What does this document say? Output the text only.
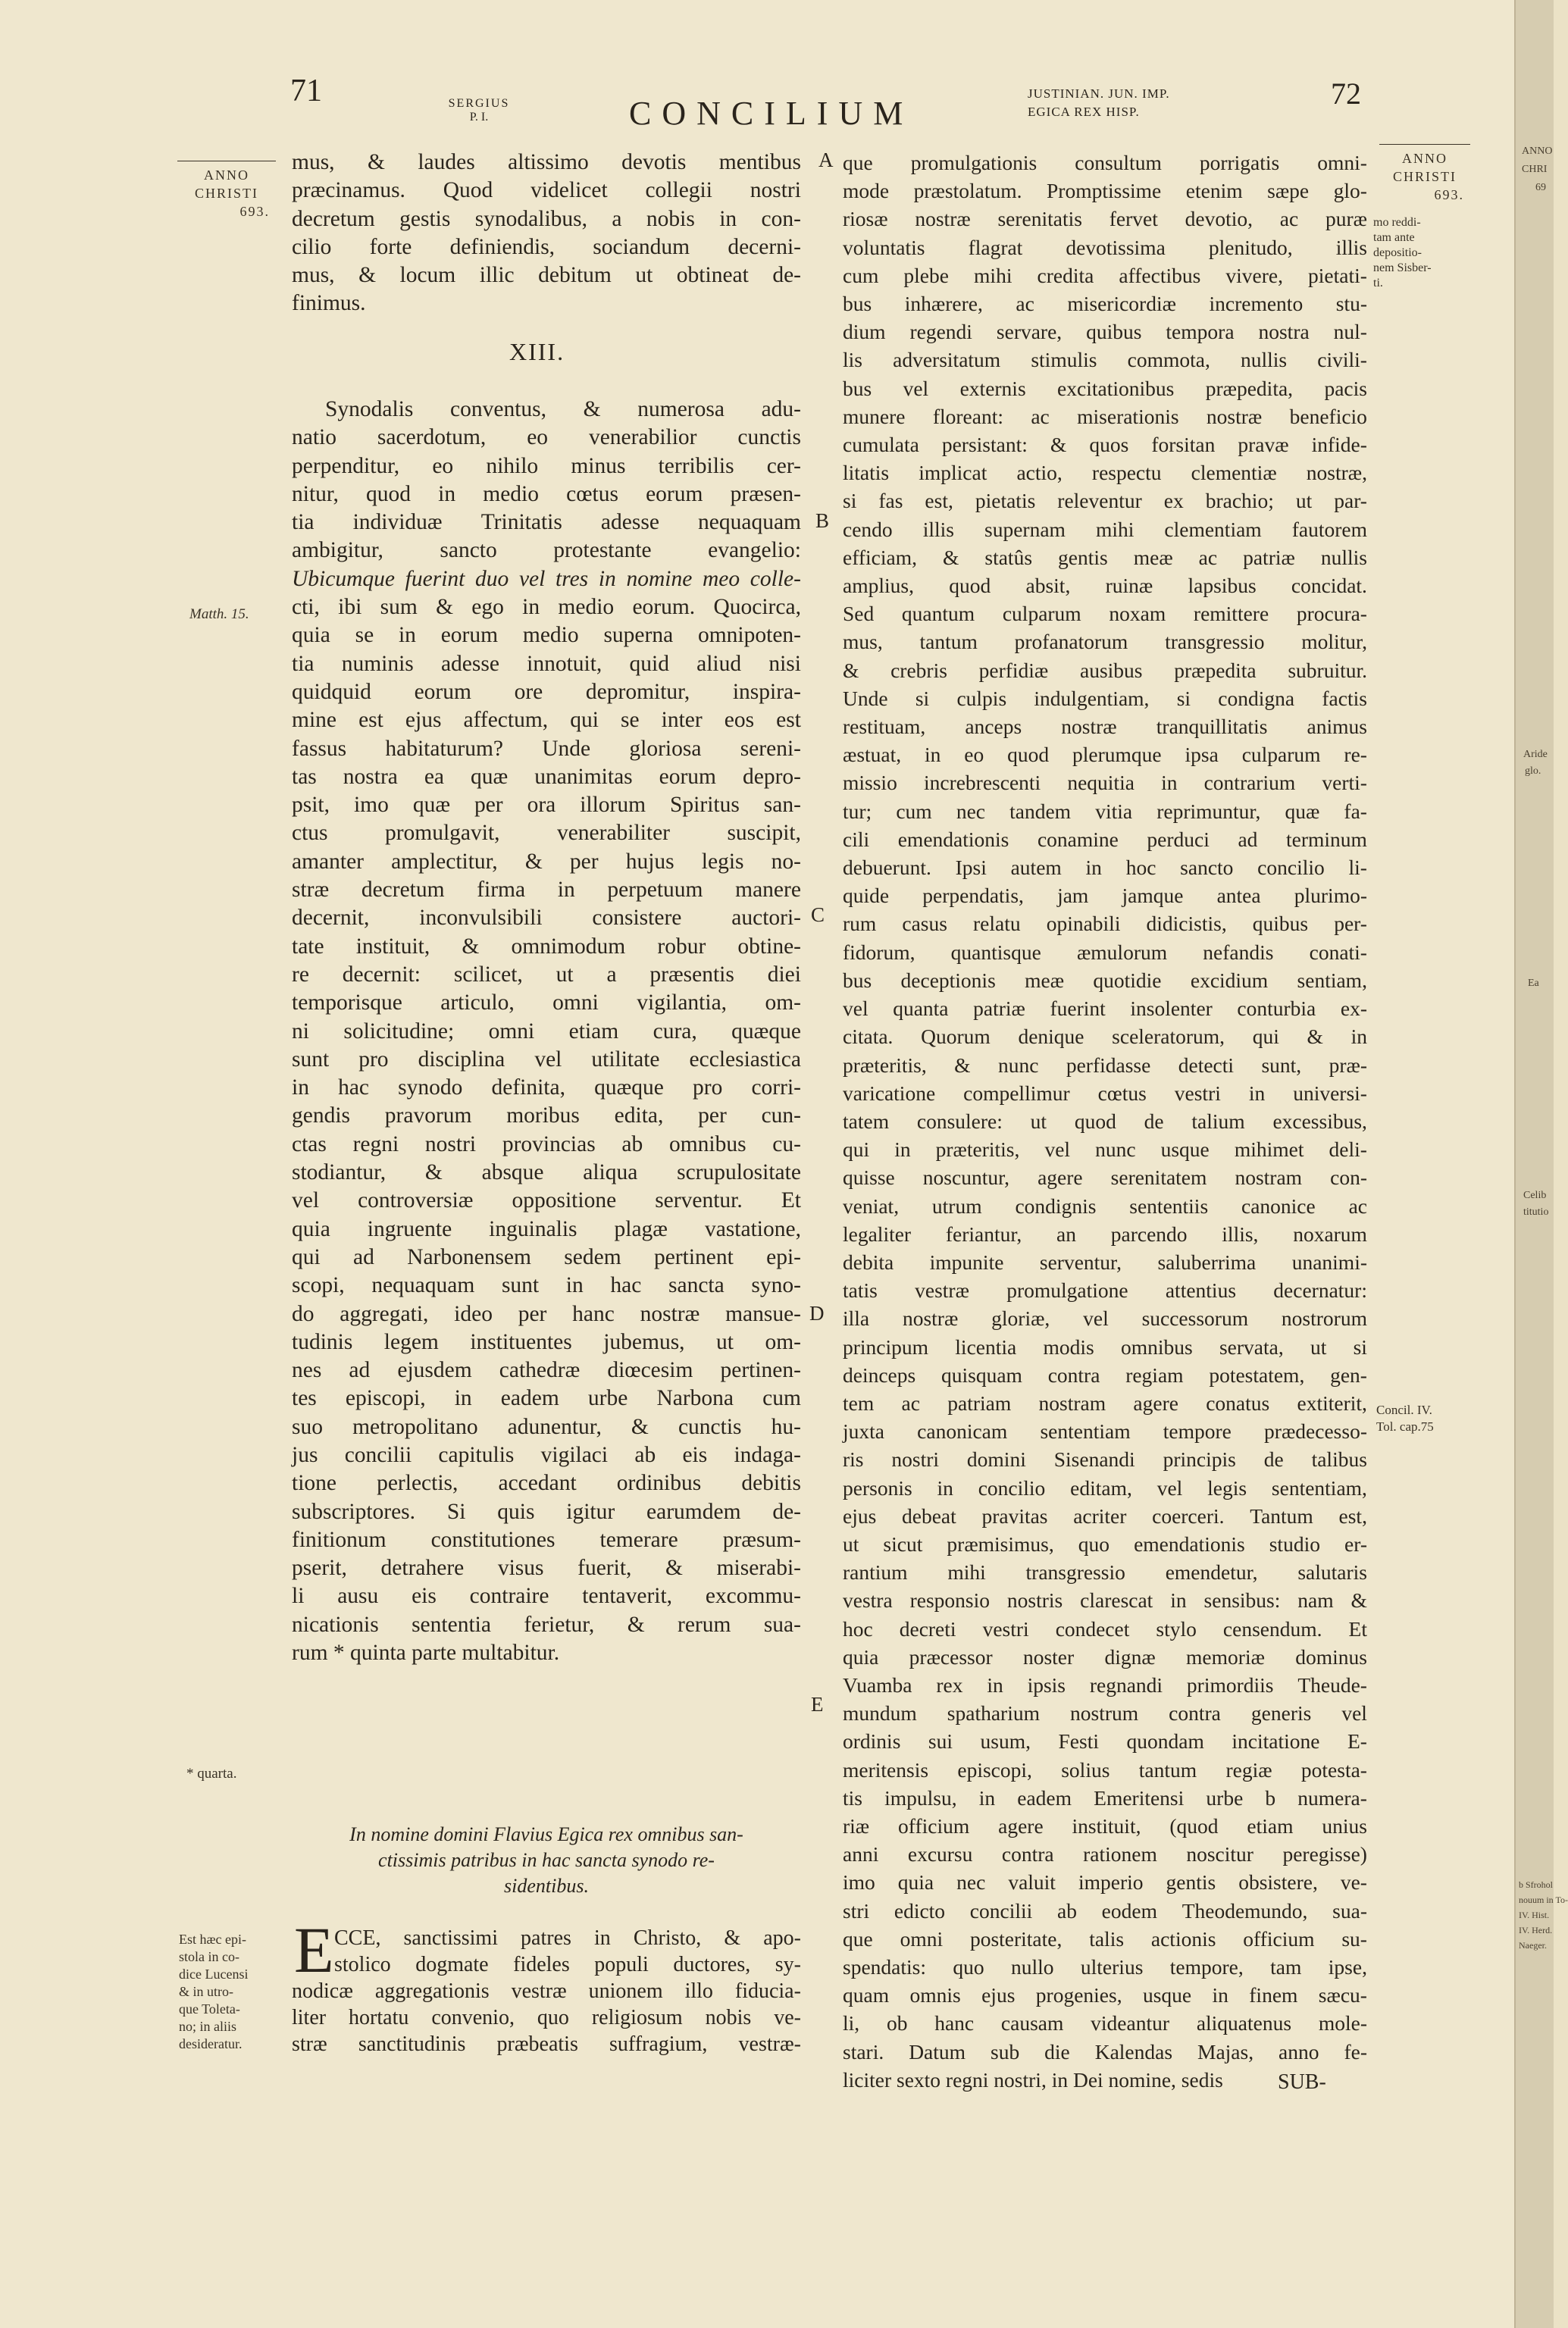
71	SERGIUS
P. I.	CONCILIUM
JUSTINIAN. JUN. IMP.
EGICA REX HISP.
72
ANNO
CHRISTI
693.
Matth. 15.
* quarta.
Est hæc epi-
stola in co-
dice Lucensi
& in utro-
que Toleta-
no; in aliis
desideratur.
ANNO
CHRISTI
693.
mo reddi-
tam ante
depositio-
nem Sisber-
ti.
Concil. IV.
Tol. cap.75
A
B
C
D
E
mus, & laudes altissimo devotis mentibus
præcinamus. Quod videlicet collegii nostri
decretum gestis synodalibus, a nobis in con-
cilio forte definiendis, sociandum decerni-
mus, & locum illic debitum ut obtineat de-
finimus.
XIII.
Synodalis conventus, & numerosa adu-
natio sacerdotum, eo venerabilior cunctis
perpenditur, eo nihilo minus terribilis cer-
nitur, quod in medio cœtus eorum præsen-
tia individuæ Trinitatis adesse nequaquam
ambigitur,	sancto	protestante	evangelio:
Ubicumque fuerint duo vel tres in nomine meo colle-
cti, ibi sum & ego in medio eorum. Quocirca,
quia se in eorum medio superna omnipoten-
tia numinis adesse innotuit, quid aliud nisi
quidquid eorum ore depromitur, inspira-
mine est ejus affectum, qui se inter eos est
fassus habitaturum? Unde gloriosa sereni-
tas nostra ea quæ unanimitas eorum depro-
psit, imo quæ per ora illorum Spiritus san-
ctus	promulgavit,	venerabiliter	suscipit,
amanter amplectitur, & per hujus legis no-
stræ decretum firma in perpetuum manere
decernit, inconvulsibili consistere auctori-
tate instituit, & omnimodum robur obtine-
re decernit: scilicet, ut a præsentis diei
temporisque articulo, omni vigilantia, om-
ni solicitudine; omni etiam cura, quæque
sunt pro disciplina vel utilitate ecclesiastica
in hac synodo definita, quæque pro corri-
gendis pravorum moribus edita, per cun-
ctas regni nostri provincias ab omnibus cu-
stodiantur, & absque aliqua scrupulositate
vel controversiæ oppositione serventur. Et
quia ingruente inguinalis plagæ vastatione,
qui ad Narbonensem sedem pertinent epi-
scopi, nequaquam sunt in hac sancta syno-
do aggregati, ideo per hanc nostræ mansue-
tudinis legem instituentes jubemus, ut om-
nes ad ejusdem cathedræ diœcesim pertinen-
tes episcopi, in eadem urbe Narbona cum
suo metropolitano adunentur, & cunctis hu-
jus concilii capitulis vigilaci ab eis indaga-
tione perlectis, accedant ordinibus debitis
subscriptores. Si quis igitur earumdem de-
finitionum constitutiones temerare præsum-
pserit, detrahere visus fuerit, & miserabi-
li ausu eis contraire tentaverit, excommu-
nicationis sententia ferietur, & rerum sua-
rum * quinta parte multabitur.
In nomine domini Flavius Egica rex omnibus san-
ctissimis patribus in hac sancta synodo re-
sidentibus.
E CCE, sanctissimi patres in Christo, & apo-
stolico dogmate fideles populi ductores, sy-
nodicæ aggregationis vestræ unionem illo fiducia-
liter hortatu convenio, quo religiosum nobis ve-
stræ sanctitudinis præbeatis suffragium, vestræ-
que promulgationis consultum porrigatis omni-
mode præstolatum. Promptissime etenim sæpe glo-
riosæ nostræ serenitatis fervet devotio, ac puræ
voluntatis flagrat devotissima plenitudo, illis
cum plebe mihi credita affectibus vivere, pietati-
bus inhærere, ac misericordiæ incremento stu-
dium regendi servare, quibus tempora nostra nul-
lis adversitatum stimulis commota, nullis civili-
bus vel externis excitationibus præpedita, pacis
munere floreant: ac miserationis nostræ beneficio
cumulata persistant: & quos forsitan pravæ infide-
litatis implicat actio, respectu clementiæ nostræ,
si fas est, pietatis releventur ex brachio; ut par-
cendo illis supernam mihi clementiam fautorem
efficiam, & statûs gentis meæ ac patriæ nullis
amplius, quod absit, ruinæ lapsibus concidat.
Sed quantum culparum noxam remittere procura-
mus, tantum profanatorum transgressio molitur,
& crebris perfidiæ ausibus præpedita subruitur.
Unde si culpis indulgentiam, si condigna factis
restituam, anceps nostræ tranquillitatis animus
æstuat, in eo quod plerumque ipsa culparum re-
missio increbrescenti nequitia in contrarium verti-
tur; cum nec tandem vitia reprimuntur, quæ fa-
cili emendationis conamine perduci ad terminum
debuerunt. Ipsi autem in hoc sancto concilio li-
quide perpendatis, jam jamque antea plurimo-
rum casus relatu opinabili didicistis, quibus per-
fidorum, quantisque æmulorum nefandis conati-
bus deceptionis meæ quotidie excidium sentiam,
vel quanta patriæ fuerint insolenter conturbia ex-
citata. Quorum denique sceleratorum, qui & in
præteritis, & nunc perfidasse detecti sunt, præ-
varicatione compellimur cœtus vestri in universi-
tatem consulere: ut quod de talium excessibus,
qui in præteritis, vel nunc usque mihimet deli-
quisse noscuntur, agere serenitatem nostram con-
veniat, utrum condignis sententiis canonice ac
legaliter feriantur, an parcendo illis, noxarum
debita impunite serventur, saluberrima unanimi-
tatis vestræ promulgatione attentius decernatur:
illa nostræ gloriæ, vel successorum nostrorum
principum licentia modis omnibus servata, ut si
deinceps quisquam contra regiam potestatem, gen-
tem ac patriam nostram agere conatus extiterit,
juxta canonicam sententiam tempore prædecesso-
ris nostri domini Sisenandi principis de talibus
personis in concilio editam, vel legis sententiam,
ejus debeat pravitas acriter coerceri. Tantum est,
ut sicut præmisimus, quo emendationis studio er-
rantium mihi transgressio emendetur, salutaris
vestra responsio nostris clarescat in sensibus: nam &
hoc decreti vestri condecet stylo censendum. Et
quia præcessor noster dignæ memoriæ dominus
Vuamba rex in ipsis regnandi primordiis Theude-
mundum spatharium nostrum contra generis vel
ordinis sui usum, Festi quondam incitatione E-
meritensis episcopi, solius tantum regiæ potesta-
tis impulsu, in eadem Emeritensi urbe b numera-
riæ officium agere instituit, (quod etiam unius
anni excursu contra rationem noscitur peregisse)
imo quia nec valuit imperio gentis obsistere, ve-
stri edicto concilii ab eodem Theodemundo, sua-
que omni posteritate, talis actionis officium su-
spendatis: quo nullo ulterius tempore, tam ipse,
quam omnis ejus progenies, usque in finem sæcu-
li, ob hanc causam videantur aliquatenus mole-
stari. Datum sub die Kalendas Majas, anno fe-
liciter sexto regni nostri, in Dei nomine, sedis	SUB-
ANNO
CHRI
69
Aride
glo.
Ea
Celib
titutio
b Sfrohol
nouum in To-
IV. Hist.
IV. Herd.
Naeger.
